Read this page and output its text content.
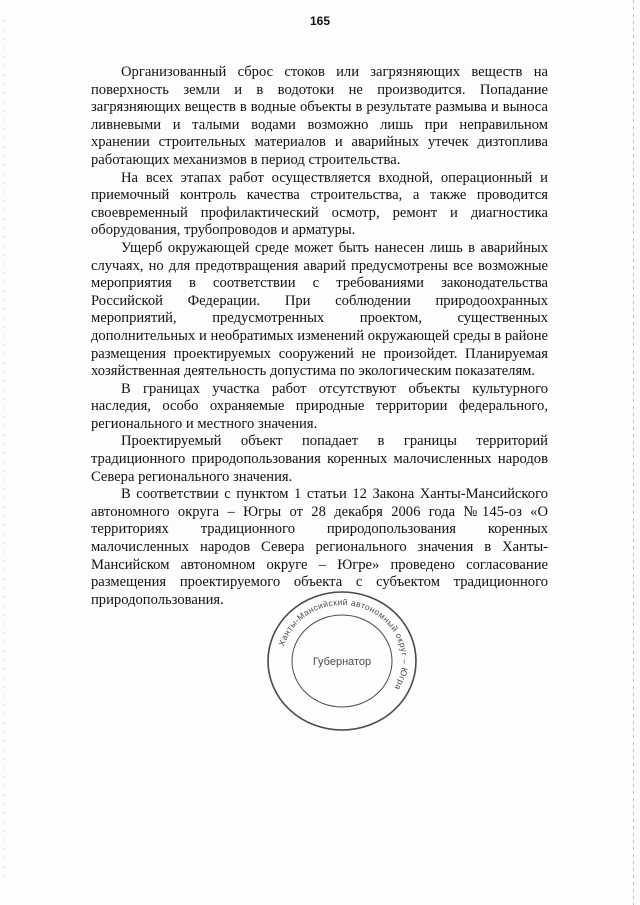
165

Организованный сброс стоков или загрязняющих веществ на поверхность земли и в водотоки не производится. Попадание загрязняющих веществ в водные объекты в результате размыва и выноса ливневыми и талыми водами возможно лишь при неправильном хранении строительных материалов и аварийных утечек дизтоплива работающих механизмов в период строительства.

На всех этапах работ осуществляется входной, операционный и приемочный контроль качества строительства, а также проводится своевременный профилактический осмотр, ремонт и диагностика оборудования, трубопроводов и арматуры.

Ущерб окружающей среде может быть нанесен лишь в аварийных случаях, но для предотвращения аварий предусмотрены все возможные мероприятия в соответствии с требованиями законодательства Российской Федерации. При соблюдении природоохранных мероприятий, предусмотренных проектом, существенных дополнительных и необратимых изменений окружающей среды в районе размещения проектируемых сооружений не произойдет. Планируемая хозяйственная деятельность допустима по экологическим показателям.

В границах участка работ отсутствуют объекты культурного наследия, особо охраняемые природные территории федерального, регионального и местного значения.

Проектируемый объект попадает в границы территорий традиционного природопользования коренных малочисленных народов Севера регионального значения.

В соответствии с пунктом 1 статьи 12 Закона Ханты-Мансийского автономного округа – Югры от 28 декабря 2006 года №145-оз «О территориях традиционного природопользования коренных малочисленных народов Севера регионального значения в Ханты-Мансийском автономном округе – Югре» проведено согласование размещения проектируемого объекта с субъектом традиционного природопользования.

Ханты-Мансийский автономный округ – Югра
Губернатор
